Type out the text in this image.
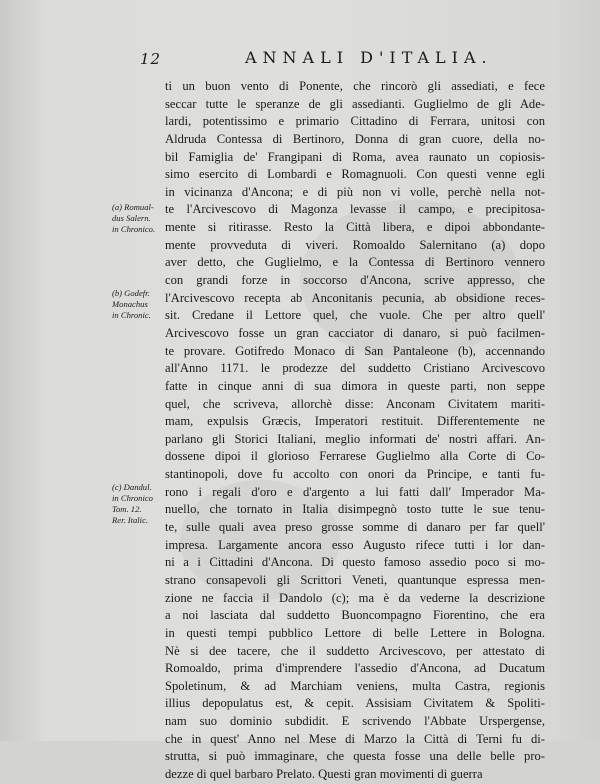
12	ANNALI D'ITALIA.
ti un buon vento di Ponente, che rincorò gli assediati, e fece
seccar tutte le speranze de gli assedianti. Guglielmo de gli Ade-
lardi, potentissimo e primario Cittadino di Ferrara, unitosi con
Aldruda Contessa di Bertinoro, Donna di gran cuore, della no-
bil Famiglia de' Frangipani di Roma, avea raunato un copiosis-
simo esercito di Lombardi e Romagnuoli. Con questi venne egli
in vicinanza d'Ancona; e di più non vi volle, perchè nella not-
te l'Arcivescovo di Magonza levasse il campo, e precipitosa-
mente si ritirasse. Resto la Città libera, e dipoi abbondante-
mente provveduta di viveri. Romoaldo Salernitano (a) dopo
aver detto, che Guglielmo, e la Contessa di Bertinoro vennero
con grandi forze in soccorso d'Ancona, scrive appresso, che
l'Arcivescovo recepta ab Anconitanis pecunia, ab obsidione reces-
sit. Credane il Lettore quel, che vuole. Che per altro quell'
Arcivescovo fosse un gran cacciator di danaro, si può facilmen-
te provare. Gotifredo Monaco di San Pantaleone (b), accennando
all'Anno 1171. le prodezze del suddetto Cristiano Arcivescovo
fatte in cinque anni di sua dimora in queste parti, non seppe
quel, che scriveva, allorchè disse: Anconam Civitatem mariti-
mam, expulsis Græcis, Imperatori restituit. Differentemente ne
parlano gli Storici Italiani, meglio informati de' nostri affari. An-
dossene dipoi il glorioso Ferrarese Guglielmo alla Corte di Co-
stantinopoli, dove fu accolto con onori da Principe, e tanti fu-
rono i regali d'oro e d'argento a lui fatti dall' Imperador Ma-
nuello, che tornato in Italia disimpegnò tosto tutte le sue tenu-
te, sulle quali avea preso grosse somme di danaro per far quell'
impresa. Largamente ancora esso Augusto rifece tutti i lor dan-
ni a i Cittadini d'Ancona. Di questo famoso assedio poco si mo-
strano consapevoli gli Scrittori Veneti, quantunque espressa men-
zione ne faccia il Dandolo (c); ma è da vederne la descrizione
a noi lasciata dal suddetto Buoncompagno Fiorentino, che era
in questi tempi pubblico Lettore di belle Lettere in Bologna.
Nè si dee tacere, che il suddetto Arcivescovo, per attestato di
Romoaldo, prima d'imprendere l'assedio d'Ancona, ad Ducatum
Spoletinum, & ad Marchiam veniens, multa Castra, regionis
illius depopulatus est, & cepit. Assisiam Civitatem & Spoliti-
nam suo dominio subdidit. E scrivendo l'Abbate Urspergense,
che in quest' Anno nel Mese di Marzo la Città di Terni fu di-
strutta, si può immaginare, che questa fosse una delle belle pro-
dezze di quel barbaro Prelato. Questi gran movimenti di guerra
(a) Romual-
dus Salern.
in Chronico.
(b) Godefr.
Monachus
in Chronic.
(c) Dandul.
in Chronico
Tom. 12.
Rer. Italic.
